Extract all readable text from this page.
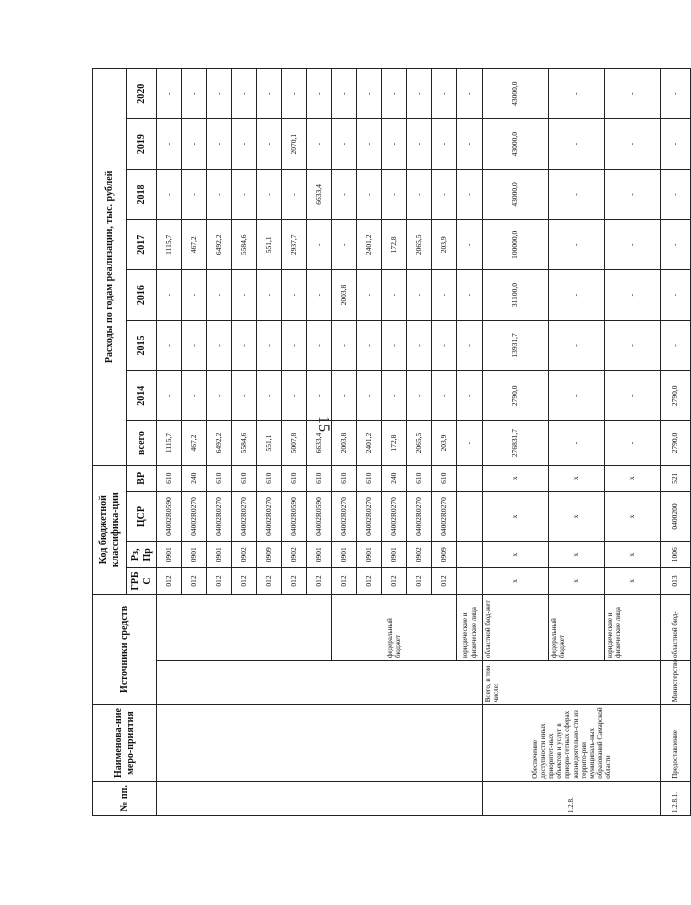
15
№ пп.	Наименова-ние меро-приятия	Источники средств		Код бюджетной классифика-ции				Расходы по годам реализации, тыс. рублей							
				ГРБ С	Рз, Пр	ЦСР	ВР	всего	2014	2015	2016	2017	2018	2019	2020
				012	0901	04002R0590	610	1115,7	-	-	-	1115,7	-	-	-
				012	0901	04002R0270	240	467,2	-	-	-	467,2	-	-	-
				012	0901	04002R0270	610	6492,2	-	-	-	6492,2	-	-	-
				012	0902	04002R0270	610	5584,6	-	-	-	5584,6	-	-	-
				012	0909	04002R0270	610	551,1	-	-	-	551,1	-	-	-
				012	0902	04002R0590	610	5007,8	-	-	-	2937,7	-	2070,1	-
				012	0901	04002R0590	610	6633,4	-	-	-	-	6633,4	-	-
			федеральный бюджет	012	0901	04002R0270	610	2003,8	-	-	2003,8	-	-	-	-
				012	0901	04002R0270	610	2401,2	-	-	-	2401,2	-	-	-
				012	0901	04002R0270	240	172,8	-	-	-	172,8	-	-	-
				012	0902	04002R0270	610	2065,5	-	-	-	2065,5	-	-	-
				012	0909	04002R0270	610	203,9	-	-	-	203,9	-	-	-
			юридические и физические лица					-	-	-	-	-	-	-	-
1.2.8.	Обеспечение доступности иных приоритет-ных объектов и услуг в приори-тетных сферах жизнедеятельно-сти из террито-рии муниципаль-ных образований Самарской области	Всего, в том числе:	областной бюд-жет	х	х	х	х	276831,7	2790,0	13931,7	31100,0	100000,0	43000,0	43000,0	43000,0
			федеральный бюджет	х	х	х	х	-	-	-	-	-	-	-	-
			юридические и физические лица	х	х	х	х	-	-	-	-	-	-	-	-
1.2.8.1.	Предоставление	Министерство	областной бюд-	013	1006	0400200	521	2790,0	2790,0	-	-	-	-	-	-
